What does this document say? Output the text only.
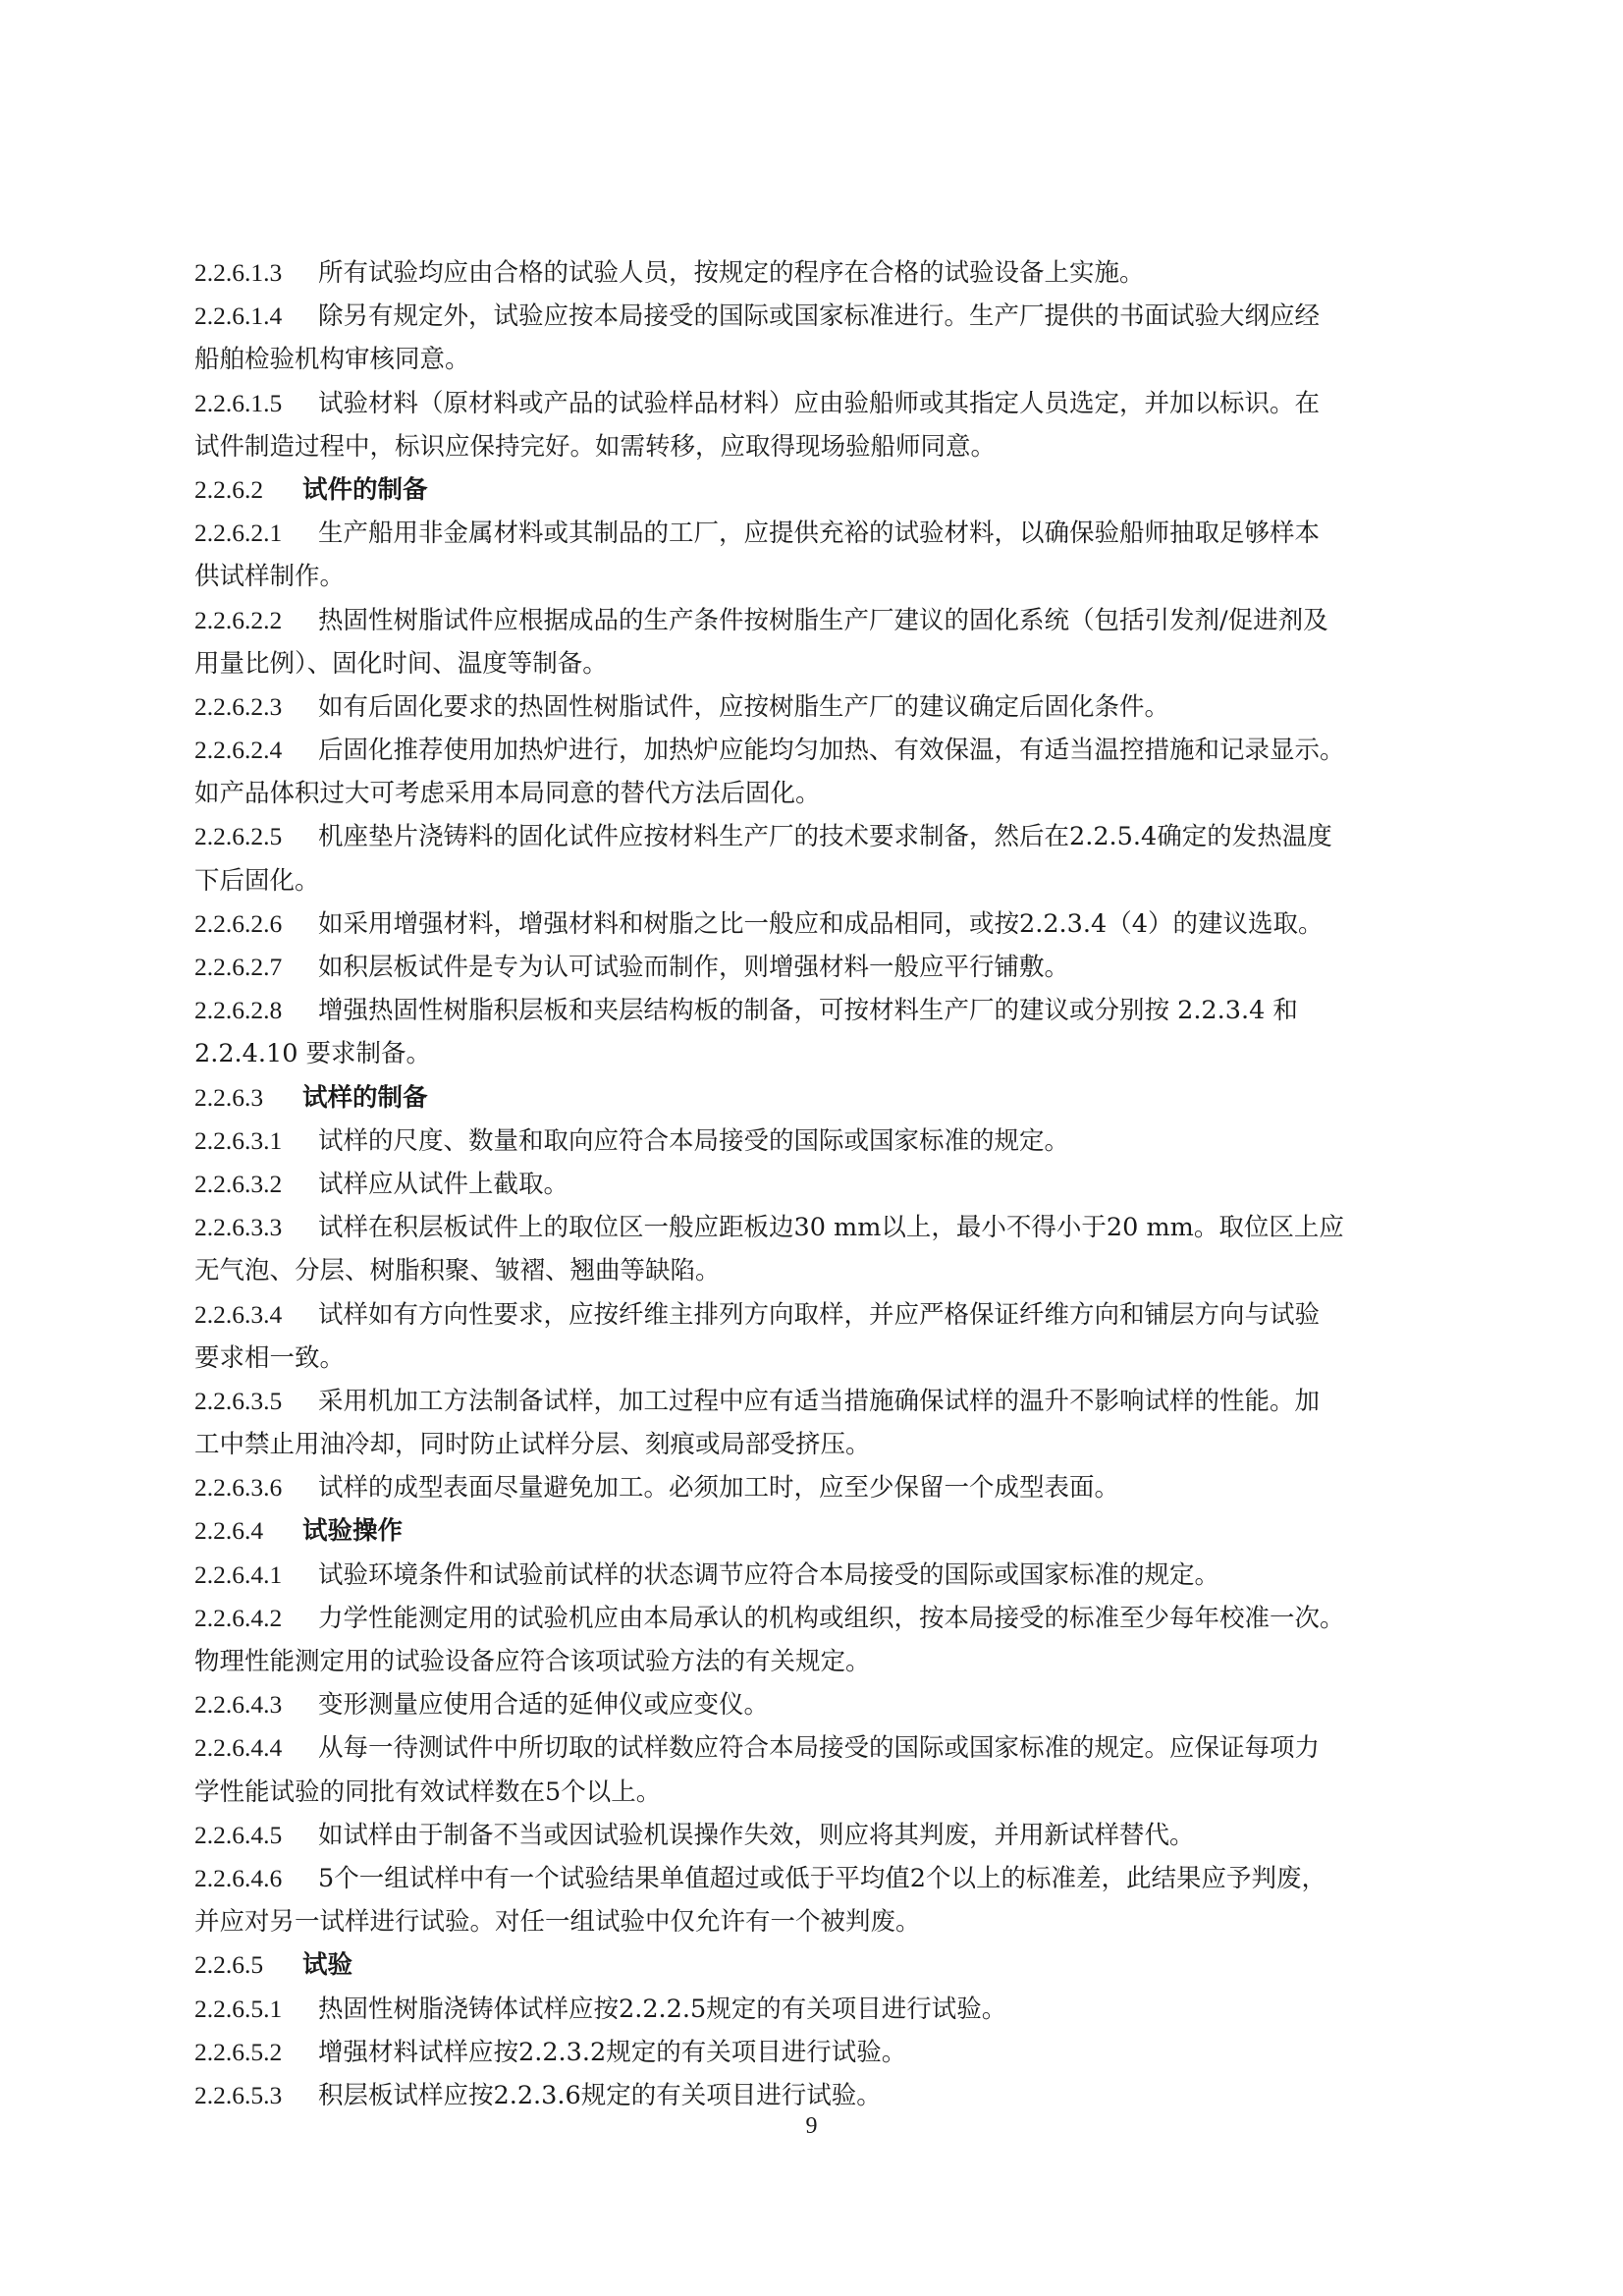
2.2.6.1.3 所有试验均应由合格的试验人员，按规定的程序在合格的试验设备上实施。
2.2.6.1.4 除另有规定外，试验应按本局接受的国际或国家标准进行。生产厂提供的书面试验大纲应经
船舶检验机构审核同意。
2.2.6.1.5 试验材料（原材料或产品的试验样品材料）应由验船师或其指定人员选定，并加以标识。在
试件制造过程中，标识应保持完好。如需转移，应取得现场验船师同意。
2.2.6.2 试件的制备
2.2.6.2.1 生产船用非金属材料或其制品的工厂，应提供充裕的试验材料，以确保验船师抽取足够样本
供试样制作。
2.2.6.2.2 热固性树脂试件应根据成品的生产条件按树脂生产厂建议的固化系统（包括引发剂/促进剂及
用量比例）、固化时间、温度等制备。
2.2.6.2.3 如有后固化要求的热固性树脂试件，应按树脂生产厂的建议确定后固化条件。
2.2.6.2.4 后固化推荐使用加热炉进行，加热炉应能均匀加热、有效保温，有适当温控措施和记录显示。
如产品体积过大可考虑采用本局同意的替代方法后固化。
2.2.6.2.5 机座垫片浇铸料的固化试件应按材料生产厂的技术要求制备，然后在2.2.5.4确定的发热温度
下后固化。
2.2.6.2.6 如采用增强材料，增强材料和树脂之比一般应和成品相同，或按2.2.3.4（4）的建议选取。
2.2.6.2.7 如积层板试件是专为认可试验而制作，则增强材料一般应平行铺敷。
2.2.6.2.8 增强热固性树脂积层板和夹层结构板的制备，可按材料生产厂的建议或分别按 2.2.3.4 和
2.2.4.10 要求制备。
2.2.6.3 试样的制备
2.2.6.3.1 试样的尺度、数量和取向应符合本局接受的国际或国家标准的规定。
2.2.6.3.2 试样应从试件上截取。
2.2.6.3.3 试样在积层板试件上的取位区一般应距板边30 mm以上，最小不得小于20 mm。取位区上应
无气泡、分层、树脂积聚、皱褶、翘曲等缺陷。
2.2.6.3.4 试样如有方向性要求，应按纤维主排列方向取样，并应严格保证纤维方向和铺层方向与试验
要求相一致。
2.2.6.3.5 采用机加工方法制备试样，加工过程中应有适当措施确保试样的温升不影响试样的性能。加
工中禁止用油冷却，同时防止试样分层、刻痕或局部受挤压。
2.2.6.3.6 试样的成型表面尽量避免加工。必须加工时，应至少保留一个成型表面。
2.2.6.4 试验操作
2.2.6.4.1 试验环境条件和试验前试样的状态调节应符合本局接受的国际或国家标准的规定。
2.2.6.4.2 力学性能测定用的试验机应由本局承认的机构或组织，按本局接受的标准至少每年校准一次。
物理性能测定用的试验设备应符合该项试验方法的有关规定。
2.2.6.4.3 变形测量应使用合适的延伸仪或应变仪。
2.2.6.4.4 从每一待测试件中所切取的试样数应符合本局接受的国际或国家标准的规定。应保证每项力
学性能试验的同批有效试样数在5个以上。
2.2.6.4.5 如试样由于制备不当或因试验机误操作失效，则应将其判废，并用新试样替代。
2.2.6.4.6 5个一组试样中有一个试验结果单值超过或低于平均值2个以上的标准差，此结果应予判废，
并应对另一试样进行试验。对任一组试验中仅允许有一个被判废。
2.2.6.5 试验
2.2.6.5.1 热固性树脂浇铸体试样应按2.2.2.5规定的有关项目进行试验。
2.2.6.5.2 增强材料试样应按2.2.3.2规定的有关项目进行试验。
2.2.6.5.3 积层板试样应按2.2.3.6规定的有关项目进行试验。
9
